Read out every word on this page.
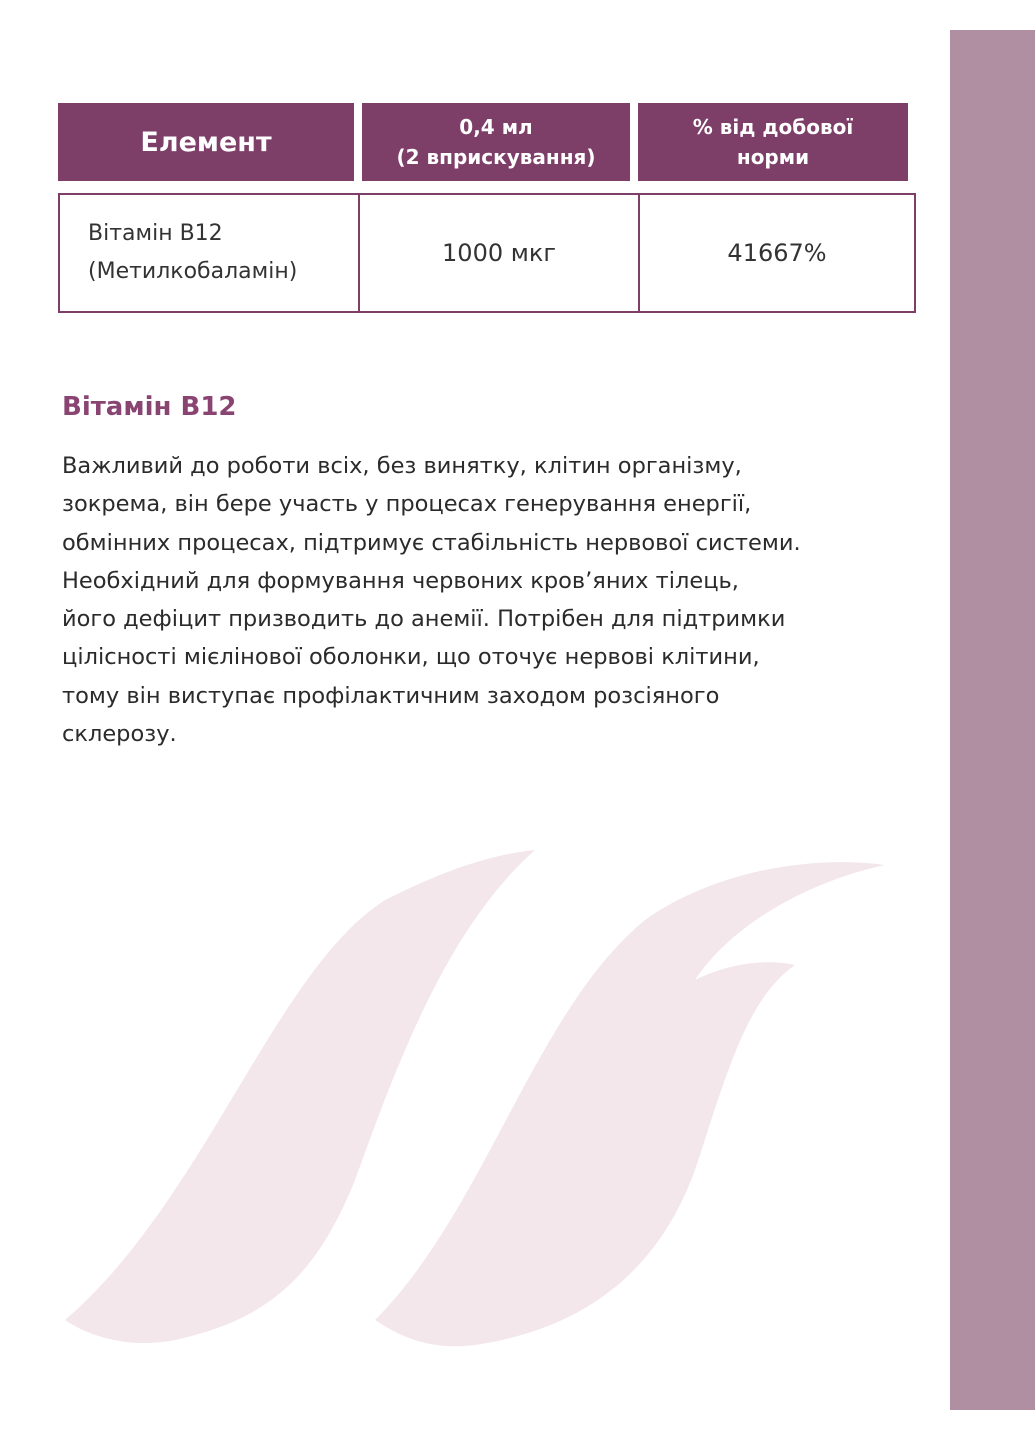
Елемент	0,4 мл
(2 вприскування)
% від добової
норми
Вітамін В12
(Метилкобаламін)
1000 мкг	41667%
Вітамін В12
Важливий до роботи всіх, без винятку, клітин організму,
зокрема, він бере участь у процесах генерування енергії,
обмінних процесах, підтримує стабільність нервової системи.
Необхідний для формування червоних кров’яних тілець,
його дефіцит призводить до анемії. Потрібен для підтримки
цілісності мієлінової оболонки, що оточує нервові клітини,
тому він виступає профілактичним заходом розсіяного
склерозу.
